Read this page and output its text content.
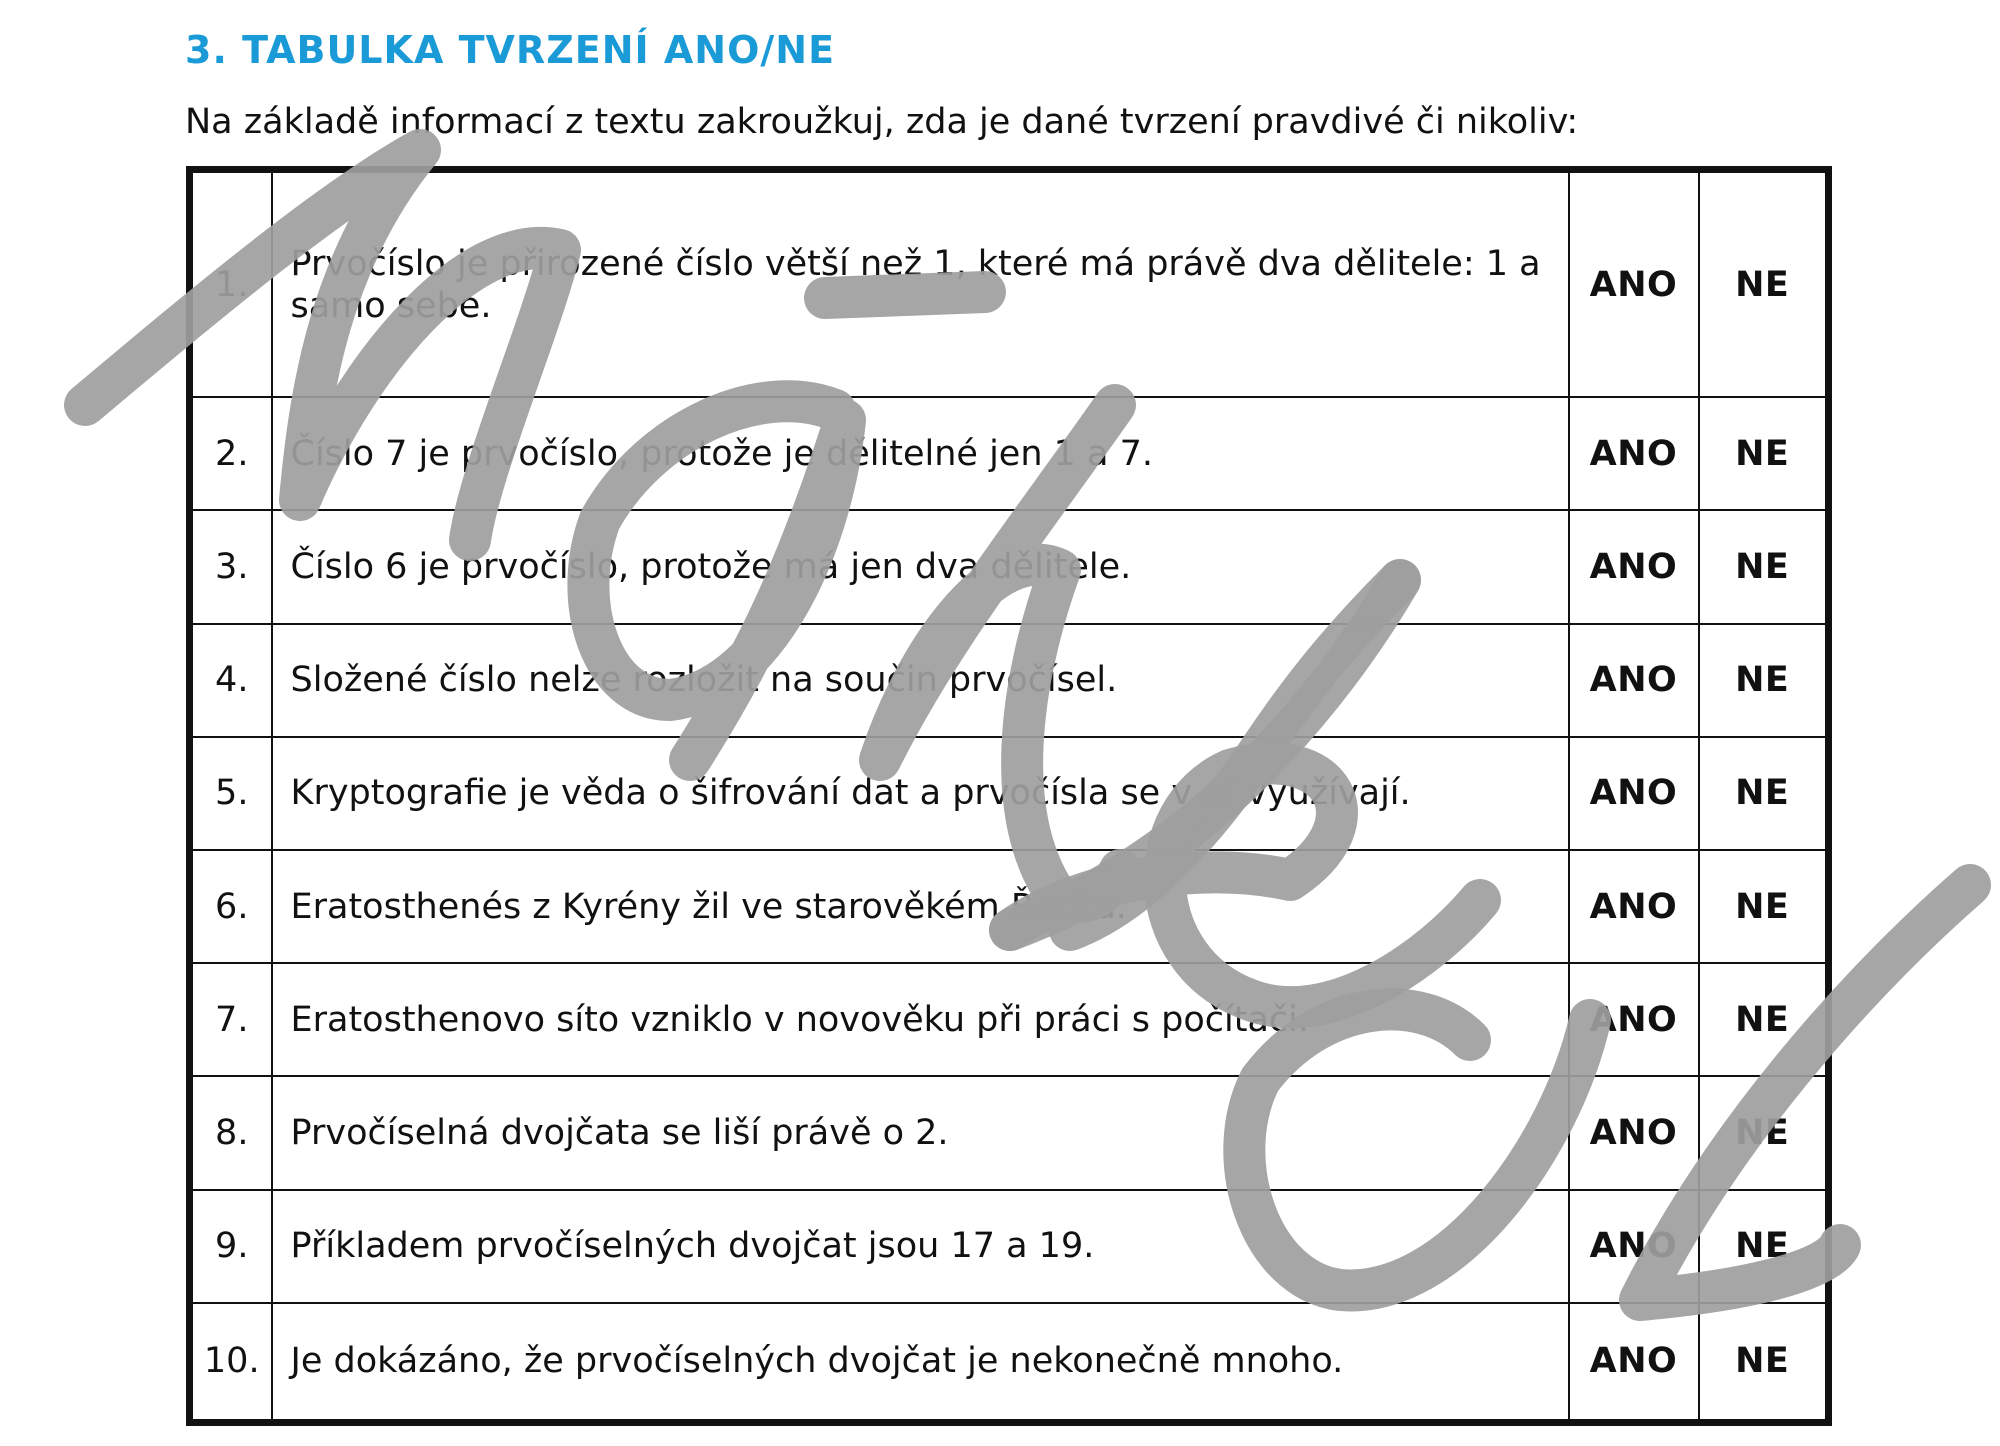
3. TABULKA TVRZENÍ ANO/NE

Na základě informací z textu zakroužkuj, zda je dané tvrzení pravdivé či nikoliv:

1.	Prvočíslo je přirozené číslo větší než 1, které má právě dva dělitele: 1 a samo sebe.	ANO	NE
2.	Číslo 7 je prvočíslo, protože je dělitelné jen 1 a 7.	ANO	NE
3.	Číslo 6 je prvočíslo, protože má jen dva dělitele.	ANO	NE
4.	Složené číslo nelze rozložit na součin prvočísel.	ANO	NE
5.	Kryptografie je věda o šifrování dat a prvočísla se v ní využívají.	ANO	NE
6.	Eratosthenés z Kyrény žil ve starověkém Řecku.	ANO	NE
7.	Eratosthenovo síto vzniklo v novověku při práci s počítači.	ANO	NE
8.	Prvočíselná dvojčata se liší právě o 2.	ANO	NE
9.	Příkladem prvočíselných dvojčat jsou 17 a 19.	ANO	NE
10.	Je dokázáno, že prvočíselných dvojčat je nekonečně mnoho.	ANO	NE
